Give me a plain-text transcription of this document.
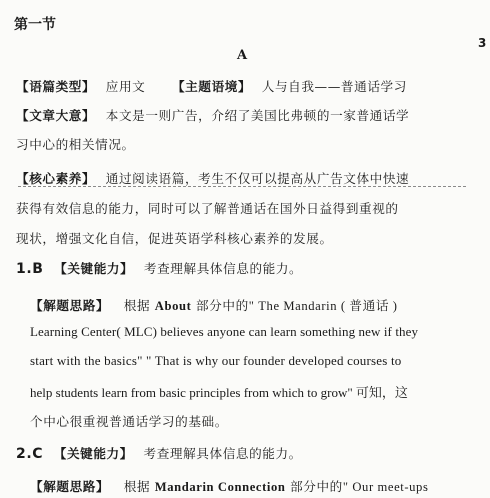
第一节
A
3
【语篇类型】 应用文 【主题语境】 人与自我——普通话学习
【文章大意】 本文是一则广告，介绍了美国比弗顿的一家普通话学
习中心的相关情况。
【核心素养】 通过阅读语篇，考生不仅可以提高从广告文体中快速
获得有效信息的能力，同时可以了解普通话在国外日益得到重视的
现状，增强文化自信，促进英语学科核心素养的发展。
1.B 【关键能力】 考查理解具体信息的能力。
【解题思路】 根据 About 部分中的" The Mandarin ( 普通话 )
Learning Center( MLC) believes anyone can learn something new if they
start with the basics" " That is why our founder developed courses to
help students learn from basic principles from which to grow" 可知，这
个中心很重视普通话学习的基础。
2.C 【关键能力】 考查理解具体信息的能力。
【解题思路】 根据 Mandarin Connection 部分中的" Our meet-ups
